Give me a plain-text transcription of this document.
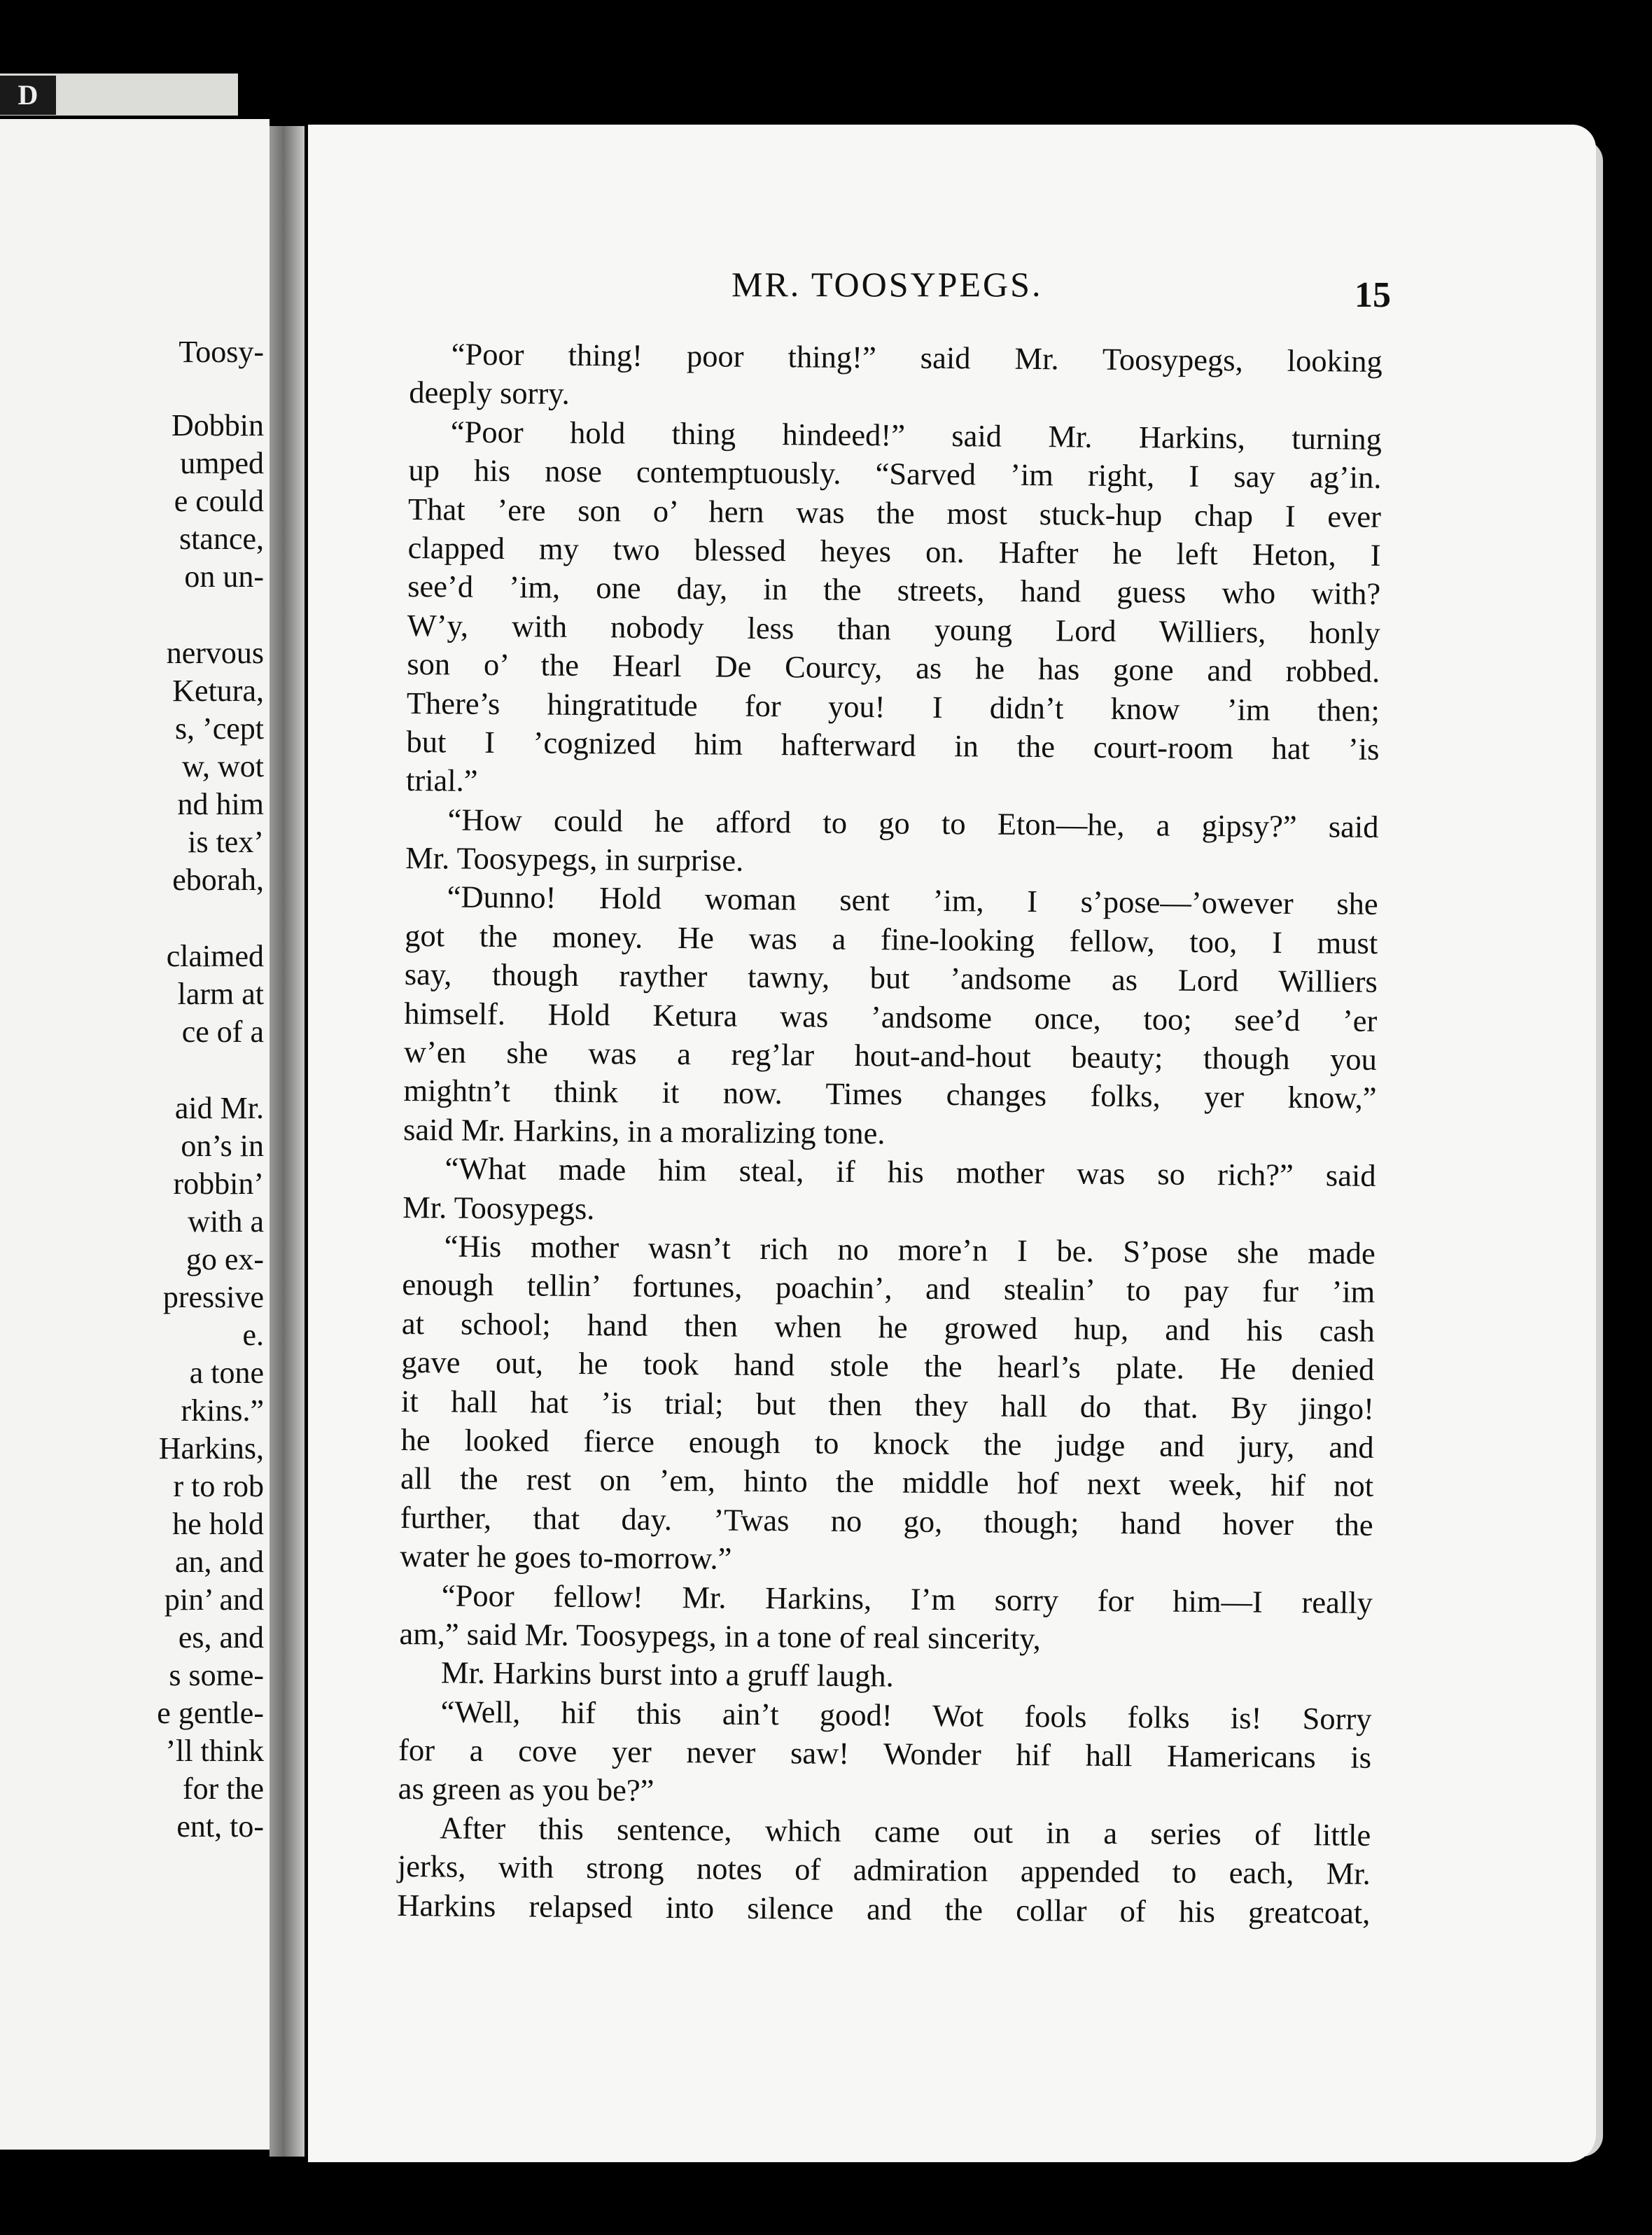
D
Toosy-
Dobbin
umped
e could
stance,
on un-
nervous
Ketura,
s, ’cept
w, wot
nd him
is tex’
eborah,
claimed
larm at
ce of a
aid Mr.
on’s in
robbin’
with a
go ex-
pressive
e.
a tone
rkins.”
Harkins,
r to rob
he hold
an, and
pin’ and
es, and
s some-
e gentle-
’ll think
for the
ent, to-
MR. TOOSYPEGS.	15
“Poor thing! poor thing!” said Mr. Toosypegs, looking
deeply sorry.
“Poor hold thing hindeed!” said Mr. Harkins, turning
up his nose contemptuously. “Sarved ’im right, I say ag’in.
That ’ere son o’ hern was the most stuck-hup chap I ever
clapped my two blessed heyes on. Hafter he left Heton, I
see’d ’im, one day, in the streets, hand guess who with?
W’y, with nobody less than young Lord Williers, honly
son o’ the Hearl De Courcy, as he has gone and robbed.
There’s hingratitude for you! I didn’t know ’im then;
but I ’cognized him hafterward in the court-room hat ’is
trial.”
“How could he afford to go to Eton—he, a gipsy?” said
Mr. Toosypegs, in surprise.
“Dunno! Hold woman sent ’im, I s’pose—’owever she
got the money. He was a fine-looking fellow, too, I must
say, though rayther tawny, but ’andsome as Lord Williers
himself. Hold Ketura was ’andsome once, too; see’d ’er
w’en she was a reg’lar hout-and-hout beauty; though you
mightn’t think it now. Times changes folks, yer know,”
said Mr. Harkins, in a moralizing tone.
“What made him steal, if his mother was so rich?” said
Mr. Toosypegs.
“His mother wasn’t rich no more’n I be. S’pose she made
enough tellin’ fortunes, poachin’, and stealin’ to pay fur ’im
at school; hand then when he growed hup, and his cash
gave out, he took hand stole the hearl’s plate. He denied
it hall hat ’is trial; but then they hall do that. By jingo!
he looked fierce enough to knock the judge and jury, and
all the rest on ’em, hinto the middle hof next week, hif not
further, that day. ’Twas no go, though; hand hover the
water he goes to-morrow.”
“Poor fellow! Mr. Harkins, I’m sorry for him—I really
am,” said Mr. Toosypegs, in a tone of real sincerity,
Mr. Harkins burst into a gruff laugh.
“Well, hif this ain’t good! Wot fools folks is! Sorry
for a cove yer never saw! Wonder hif hall Hamericans is
as green as you be?”
After this sentence, which came out in a series of little
jerks, with strong notes of admiration appended to each, Mr.
Harkins relapsed into silence and the collar of his greatcoat,
